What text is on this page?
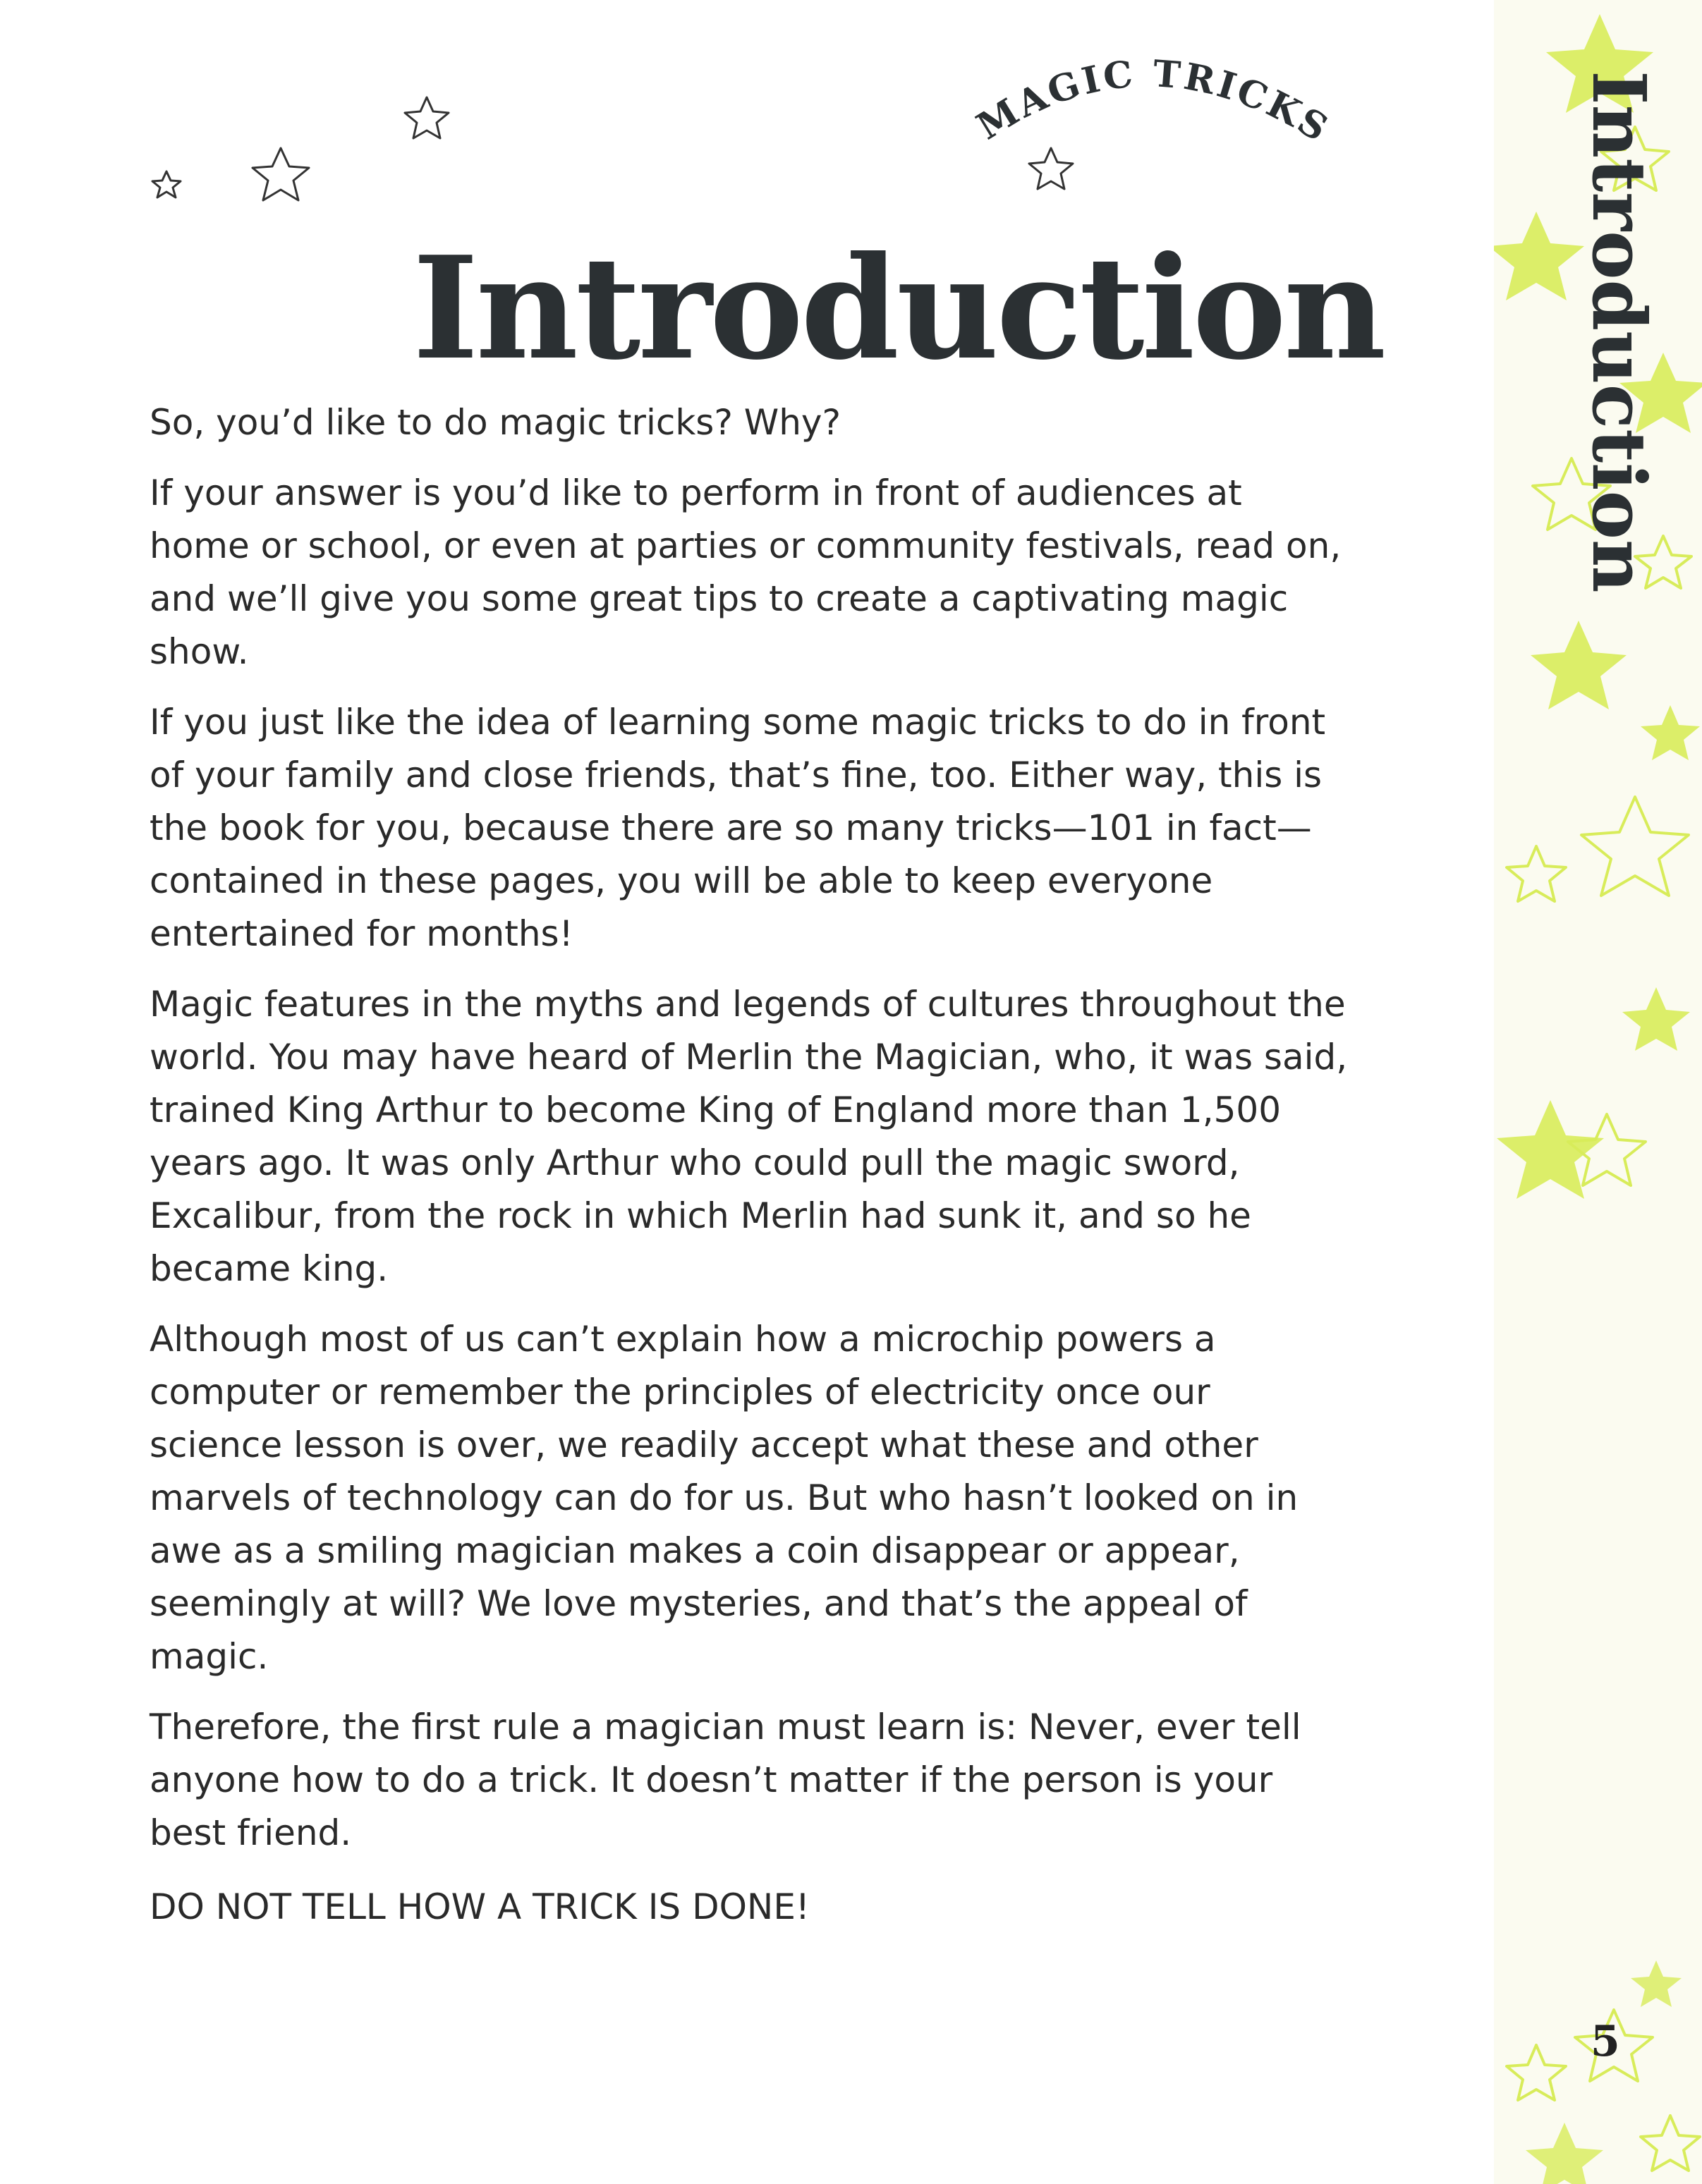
MAGIC TRICKS
Introduction

So, you’d like to do magic tricks? Why?

If your answer is you’d like to perform in front of audiences at home or school, or even at parties or community festivals, read on, and we’ll give you some great tips to create a captivating magic show.

If you just like the idea of learning some magic tricks to do in front of your family and close friends, that’s fine, too. Either way, this is the book for you, because there are so many tricks—101 in fact—contained in these pages, you will be able to keep everyone entertained for months!

Magic features in the myths and legends of cultures throughout the world. You may have heard of Merlin the Magician, who, it was said, trained King Arthur to become King of England more than 1,500 years ago. It was only Arthur who could pull the magic sword, Excalibur, from the rock in which Merlin had sunk it, and so he became king.

Although most of us can’t explain how a microchip powers a computer or remember the principles of electricity once our science lesson is over, we readily accept what these and other marvels of technology can do for us. But who hasn’t looked on in awe as a smiling magician makes a coin disappear or appear, seemingly at will? We love mysteries, and that’s the appeal of magic.

Therefore, the first rule a magician must learn is: Never, ever tell anyone how to do a trick. It doesn’t matter if the person is your best friend.

DO NOT TELL HOW A TRICK IS DONE!

Introduction
5
